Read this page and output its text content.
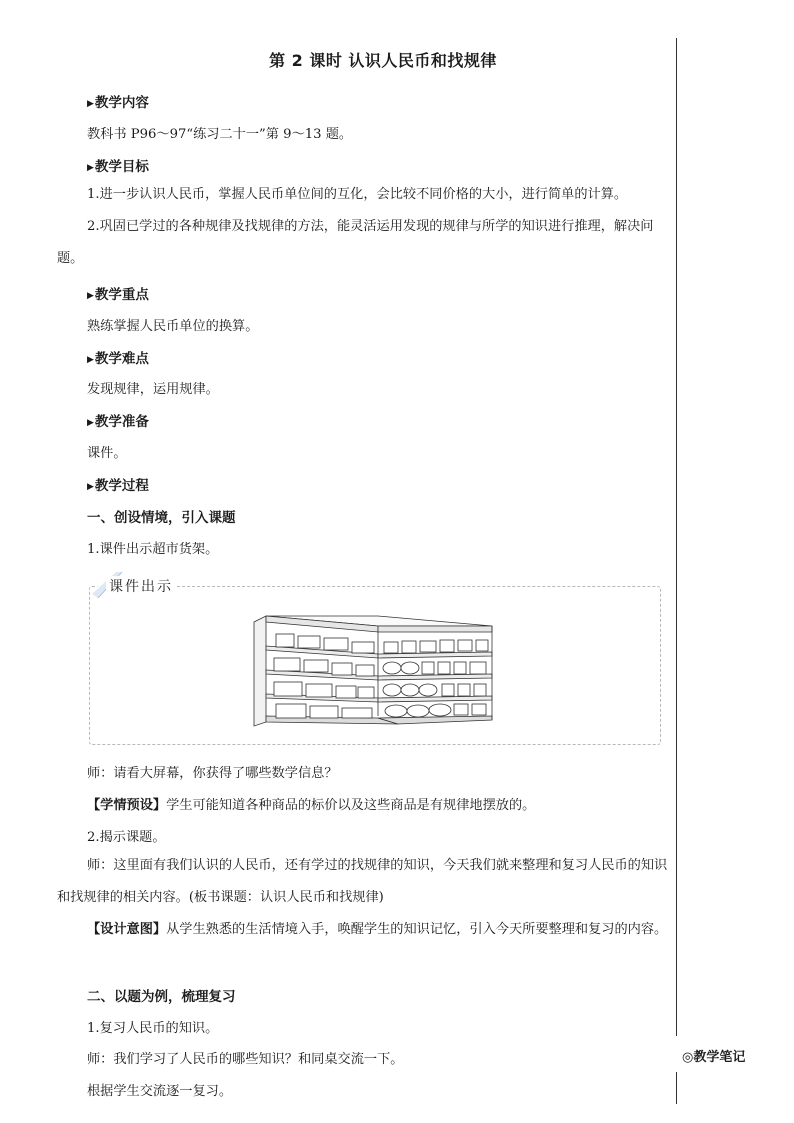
第 2 课时 认识人民币和找规律
▶教学内容
教科书 P96～97“练习二十一”第 9～13 题。
▶教学目标
1.进一步认识人民币，掌握人民币单位间的互化，会比较不同价格的大小，进行简单的计算。
2.巩固已学过的各种规律及找规律的方法，能灵活运用发现的规律与所学的知识进行推理，解决问题。
▶教学重点
熟练掌握人民币单位的换算。
▶教学难点
发现规律，运用规律。
▶教学准备
课件。
▶教学过程
一、创设情境，引入课题
1.课件出示超市货架。
课件出示
师：请看大屏幕，你获得了哪些数学信息？
【学情预设】学生可能知道各种商品的标价以及这些商品是有规律地摆放的。
2.揭示课题。
师：这里面有我们认识的人民币，还有学过的找规律的知识，今天我们就来整理和复习人民币的知识和找规律的相关内容。(板书课题：认识人民币和找规律)
【设计意图】从学生熟悉的生活情境入手，唤醒学生的知识记忆，引入今天所要整理和复习的内容。
二、以题为例，梳理复习
1.复习人民币的知识。
师：我们学习了人民币的哪些知识？和同桌交流一下。
根据学生交流逐一复习。
◎教学笔记
